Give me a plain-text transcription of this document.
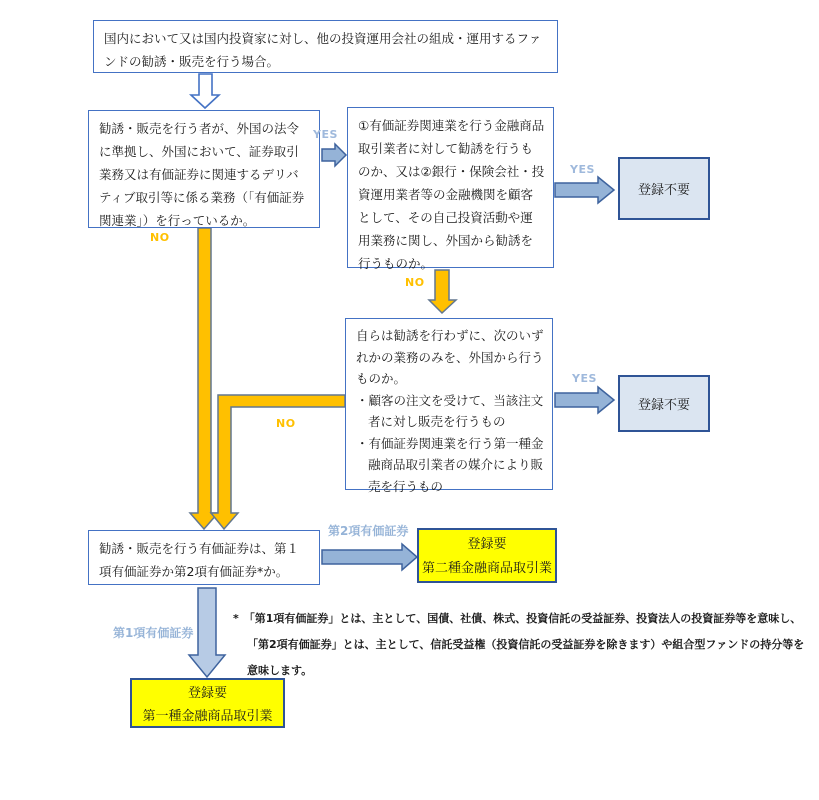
国内において又は国内投資家に対し、他の投資運用会社の組成・運用するファンドの勧誘・販売を行う場合。

勧誘・販売を行う者が、外国の法令に準拠し、外国において、証券取引業務又は有価証券に関連するデリバティブ取引等に係る業務（「有価証券関連業」）を行っているか。

①有価証券関連業を行う金融商品取引業者に対して勧誘を行うものか、又は②銀行・保険会社・投資運用業者等の金融機関を顧客として、その自己投資活動や運用業務に関し、外国から勧誘を行うものか。

登録不要

自らは勧誘を行わずに、次のいずれかの業務のみを、外国から行うものか。

・顧客の注文を受けて、当該注文者に対し販売を行うもの

・有価証券関連業を行う第一種金融商品取引業者の媒介により販売を行うもの

登録不要

勧誘・販売を行う有価証券は、第１項有価証券か第2項有価証券*か。

登録要
第二種金融商品取引業
登録要
第一種金融商品取引業
YES
YES
YES
NO
NO
NO
第2項有価証券
第1項有価証券
* 「第1項有価証券」とは、主として、国債、社債、株式、投資信託の受益証券、投資法人の投資証券等を意味し、「第2項有価証券」とは、主として、信託受益権（投資信託の受益証券を除きます）や組合型ファンドの持分等を意味します。
